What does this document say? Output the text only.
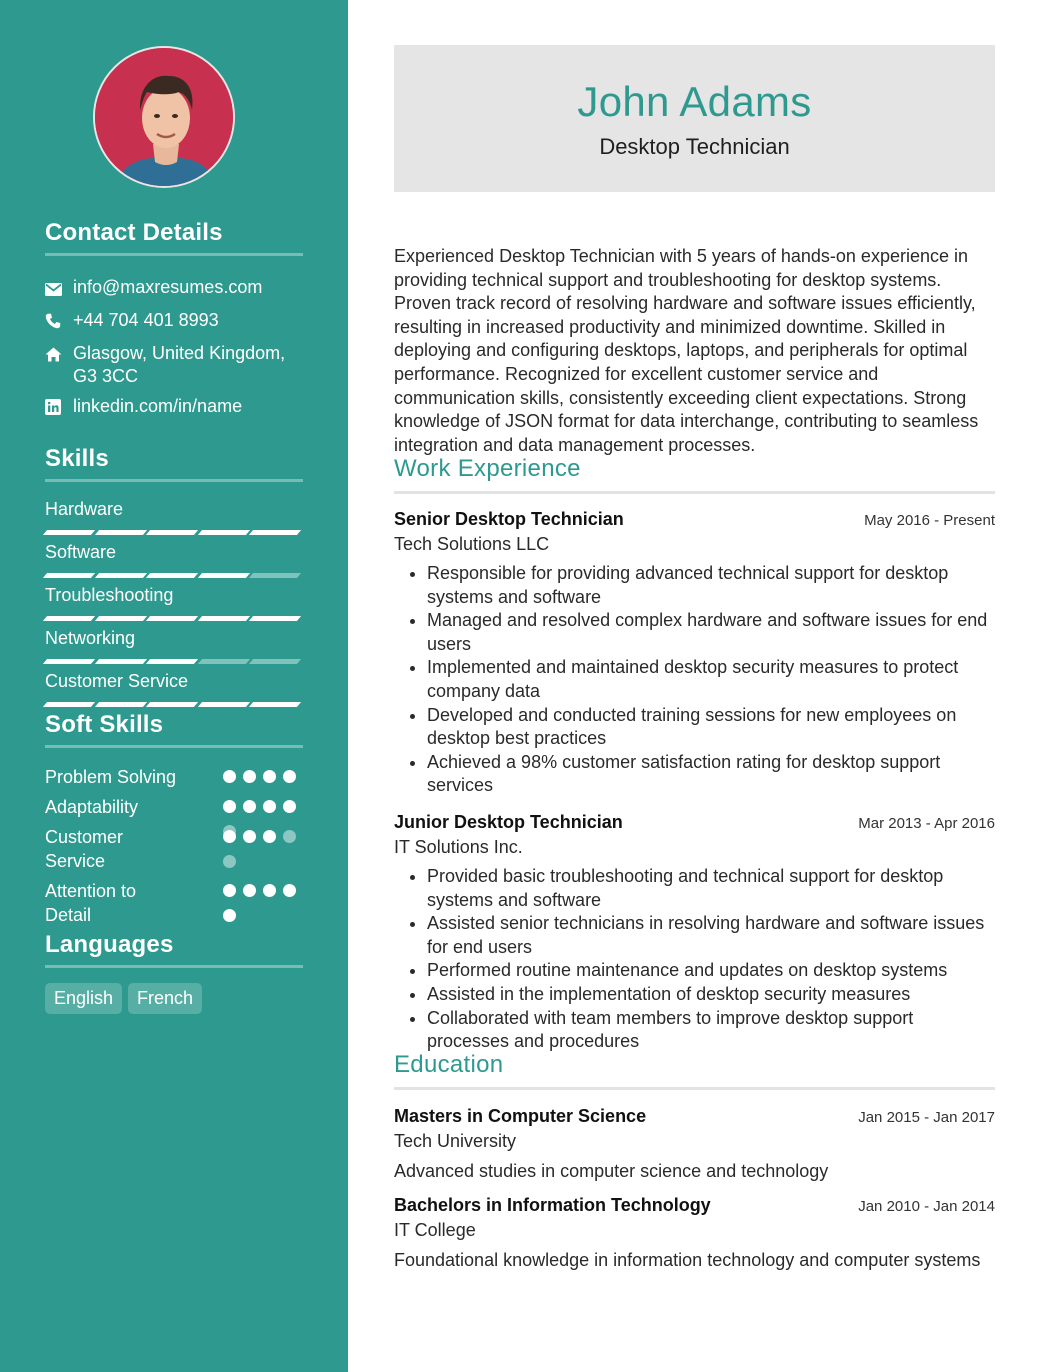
Contact Details
info@maxresumes.com
+44 704 401 8993
Glasgow, United Kingdom,
G3 3CC
linkedin.com/in/name
Skills
Hardware
Software
Troubleshooting
Networking
Customer Service
Soft Skills
Problem Solving
Adaptability
Customer
Service
Attention to
Detail
Languages
English	French
John Adams
Desktop Technician

Experienced Desktop Technician with 5 years of hands-on experience in providing technical support and troubleshooting for desktop systems. Proven track record of resolving hardware and software issues efficiently, resulting in increased productivity and minimized downtime. Skilled in deploying and configuring desktops, laptops, and peripherals for optimal performance. Recognized for excellent customer service and communication skills, consistently exceeding client expectations. Strong knowledge of JSON format for data interchange, contributing to seamless integration and data management processes.

Work Experience
Senior Desktop Technician	May 2016 - Present
Tech Solutions LLC
• Responsible for providing advanced technical support for desktop systems and software
• Managed and resolved complex hardware and software issues for end users
• Implemented and maintained desktop security measures to protect company data
• Developed and conducted training sessions for new employees on desktop best practices
• Achieved a 98% customer satisfaction rating for desktop support services
Junior Desktop Technician	Mar 2013 - Apr 2016
IT Solutions Inc.
• Provided basic troubleshooting and technical support for desktop systems and software
• Assisted senior technicians in resolving hardware and software issues for end users
• Performed routine maintenance and updates on desktop systems
• Assisted in the implementation of desktop security measures
• Collaborated with team members to improve desktop support processes and procedures
Education
Masters in Computer Science	Jan 2015 - Jan 2017
Tech University
Advanced studies in computer science and technology
Bachelors in Information Technology	Jan 2010 - Jan 2014
IT College
Foundational knowledge in information technology and computer systems
